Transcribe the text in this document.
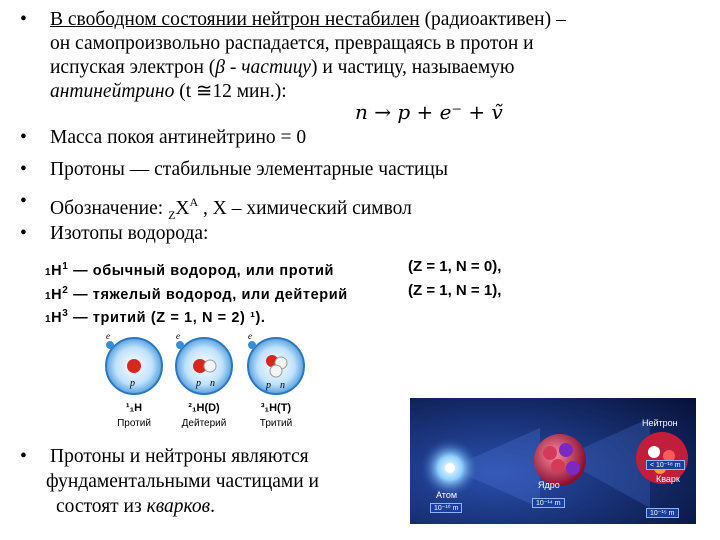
•	В свободном состоянии нейтрон нестабилен (радиоактивен) –
он самопроизвольно распадается, превращаясь в протон и
испуская электрон (β - частицу) и частицу, называемую
антинейтрино (t ≅12 мин.):
n → p + e⁻ + ṽ
•	Масса покоя антинейтрино = 0
•	Протоны — стабильные элементарные частицы
•	Обозначение: $_ZX^A$ , X – химический символ
•	Изотопы водорода:
$1H^1$ — обычный водород, или протий	(Z = 1, N = 0),
$1H^2$ — тяжелый водород, или дейтерий	(Z = 1, N = 1),
$1H^3$ — тритий (Z = 1, N = 2) ¹).
e
p
e
p n
e
p n
¹₁H	²₁H(D)	³₁H(T)
Протий	Дейтерий	Тритий
•	Протоны и нейтроны являются
фундаментальными частицами и
состоят из кварков.
Нейтрон
Ядро
Атом
Кварк
10⁻¹⁰ m
10⁻¹⁴ m
< 10⁻¹⁸ m
10⁻¹⁵ m
